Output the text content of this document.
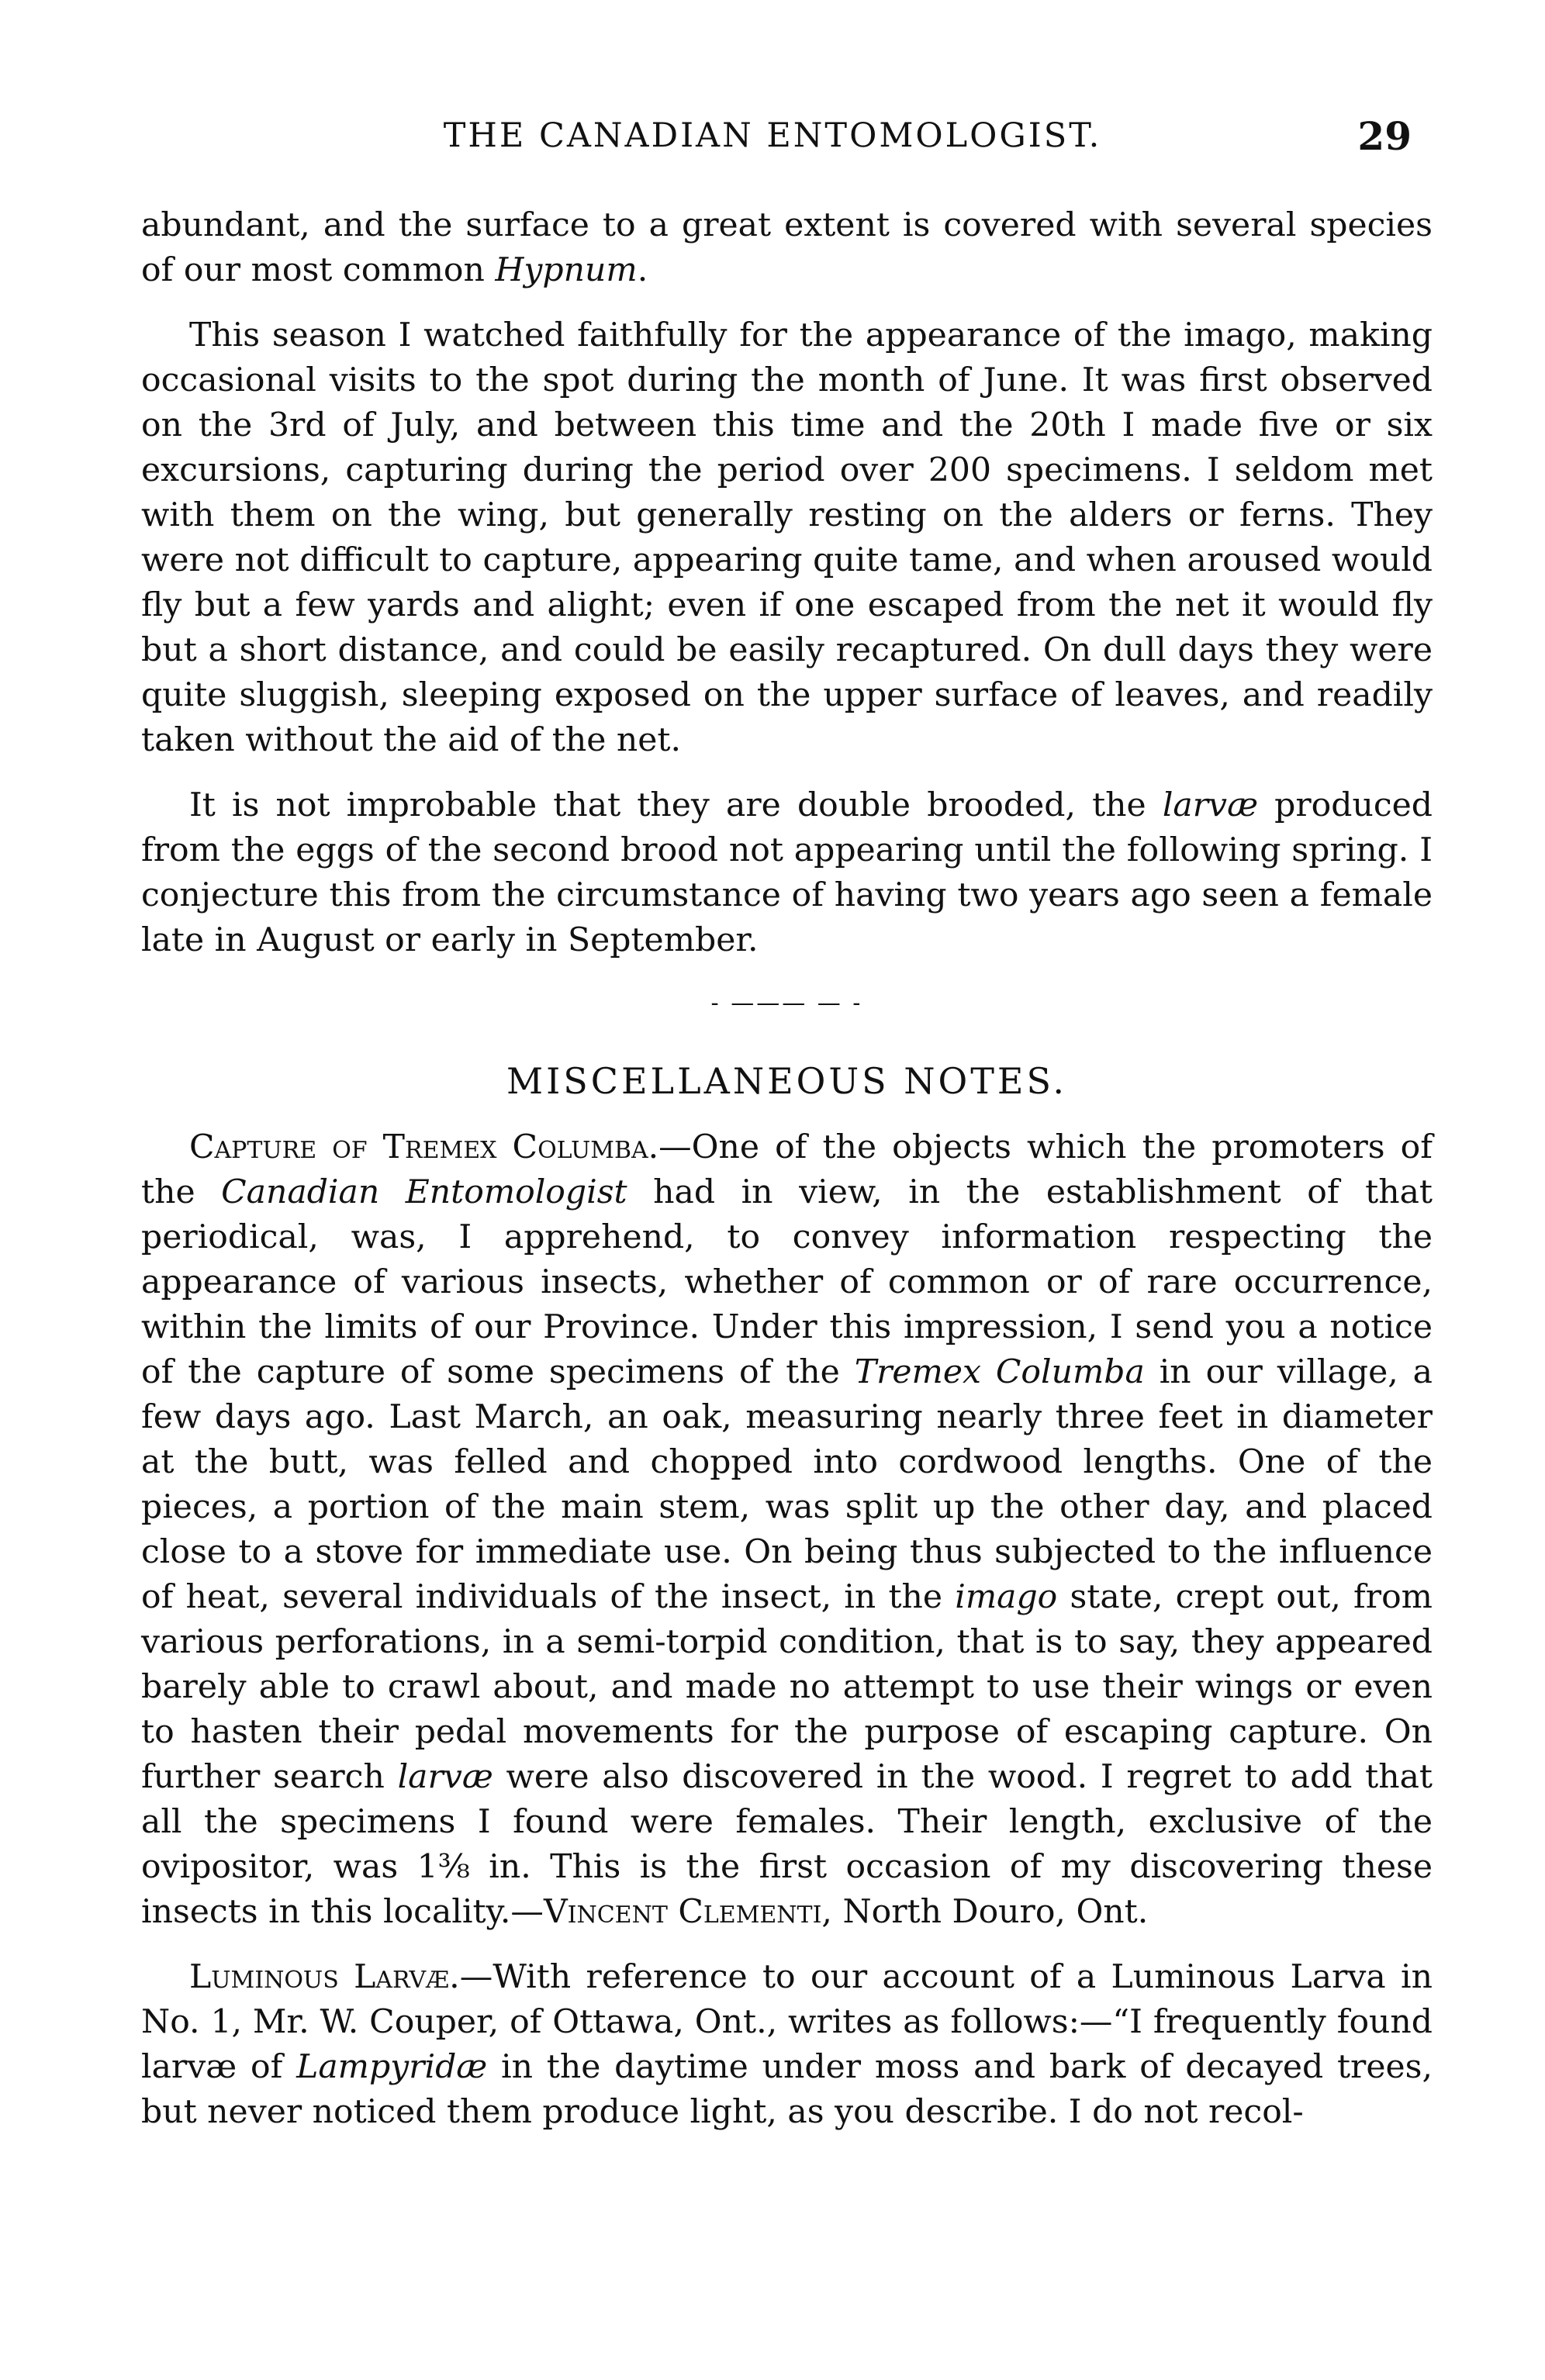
THE CANADIAN ENTOMOLOGIST.	29

abundant, and the surface to a great extent is covered with several species of our most common Hypnum.

This season I watched faithfully for the appearance of the imago, making occasional visits to the spot during the month of June. It was first observed on the 3rd of July, and between this time and the 20th I made five or six excursions, capturing during the period over 200 specimens. I seldom met with them on the wing, but generally resting on the alders or ferns. They were not difficult to capture, appearing quite tame, and when aroused would fly but a few yards and alight; even if one escaped from the net it would fly but a short distance, and could be easily recaptured. On dull days they were quite sluggish, sleeping exposed on the upper surface of leaves, and readily taken without the aid of the net.

It is not improbable that they are double brooded, the larvæ produced from the eggs of the second brood not appearing until the following spring. I conjecture this from the circumstance of having two years ago seen a female late in August or early in September.

- ——— — -
MISCELLANEOUS NOTES.

Capture of Tremex Columba.—One of the objects which the promoters of the Canadian Entomologist had in view, in the establishment of that periodical, was, I apprehend, to convey information respecting the appearance of various insects, whether of common or of rare occurrence, within the limits of our Province. Under this impression, I send you a notice of the capture of some specimens of the Tremex Columba in our village, a few days ago. Last March, an oak, measuring nearly three feet in diameter at the butt, was felled and chopped into cordwood lengths. One of the pieces, a portion of the main stem, was split up the other day, and placed close to a stove for immediate use. On being thus subjected to the influence of heat, several individuals of the insect, in the imago state, crept out, from various perforations, in a semi-torpid condition, that is to say, they appeared barely able to crawl about, and made no attempt to use their wings or even to hasten their pedal movements for the purpose of escaping capture. On further search larvæ were also discovered in the wood. I regret to add that all the specimens I found were females. Their length, exclusive of the ovipositor, was 1⅜ in. This is the first occasion of my discovering these insects in this locality.—Vincent Clementi, North Douro, Ont.

Luminous Larvæ.—With reference to our account of a Luminous Larva in No. 1, Mr. W. Couper, of Ottawa, Ont., writes as follows:—“I frequently found larvæ of Lampyridæ in the daytime under moss and bark of decayed trees, but never noticed them produce light, as you describe. I do not recol-
